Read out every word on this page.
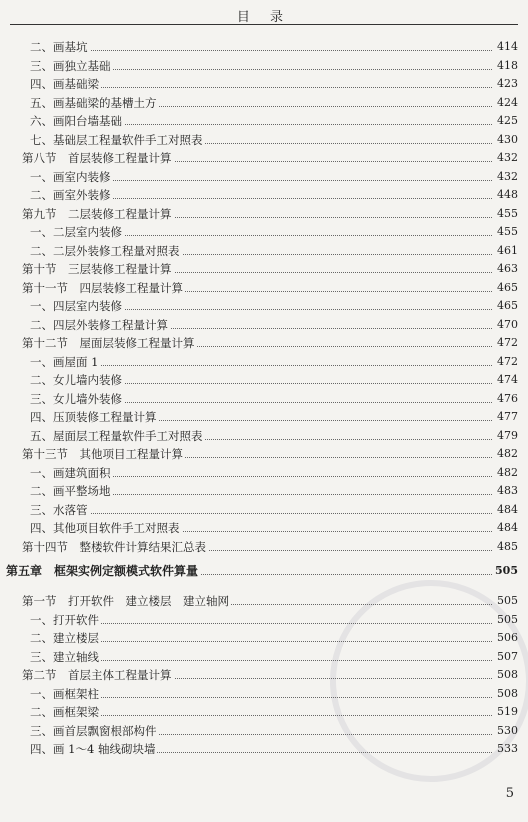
目 录
二、画基坑	414
三、画独立基础	418
四、画基础梁	423
五、画基础梁的基槽土方	424
六、画阳台墙基础	425
七、基础层工程量软件手工对照表	430
第八节　首层装修工程量计算	432
一、画室内装修	432
二、画室外装修	448
第九节　二层装修工程量计算	455
一、二层室内装修	455
二、二层外装修工程量对照表	461
第十节　三层装修工程量计算	463
第十一节　四层装修工程量计算	465
一、四层室内装修	465
二、四层外装修工程量计算	470
第十二节　屋面层装修工程量计算	472
一、画屋面 1	472
二、女儿墙内装修	474
三、女儿墙外装修	476
四、压顶装修工程量计算	477
五、屋面层工程量软件手工对照表	479
第十三节　其他项目工程量计算	482
一、画建筑面积	482
二、画平整场地	483
三、水落管	484
四、其他项目软件手工对照表	484
第十四节　整楼软件计算结果汇总表	485
第五章　框架实例定额模式软件算量	505
第一节　打开软件　建立楼层　建立轴网	505
一、打开软件	505
二、建立楼层	506
三、建立轴线	507
第二节　首层主体工程量计算	508
一、画框架柱	508
二、画框架梁	519
三、画首层飘窗根部构件	530
四、画 1～4 轴线砌块墙	533
5
